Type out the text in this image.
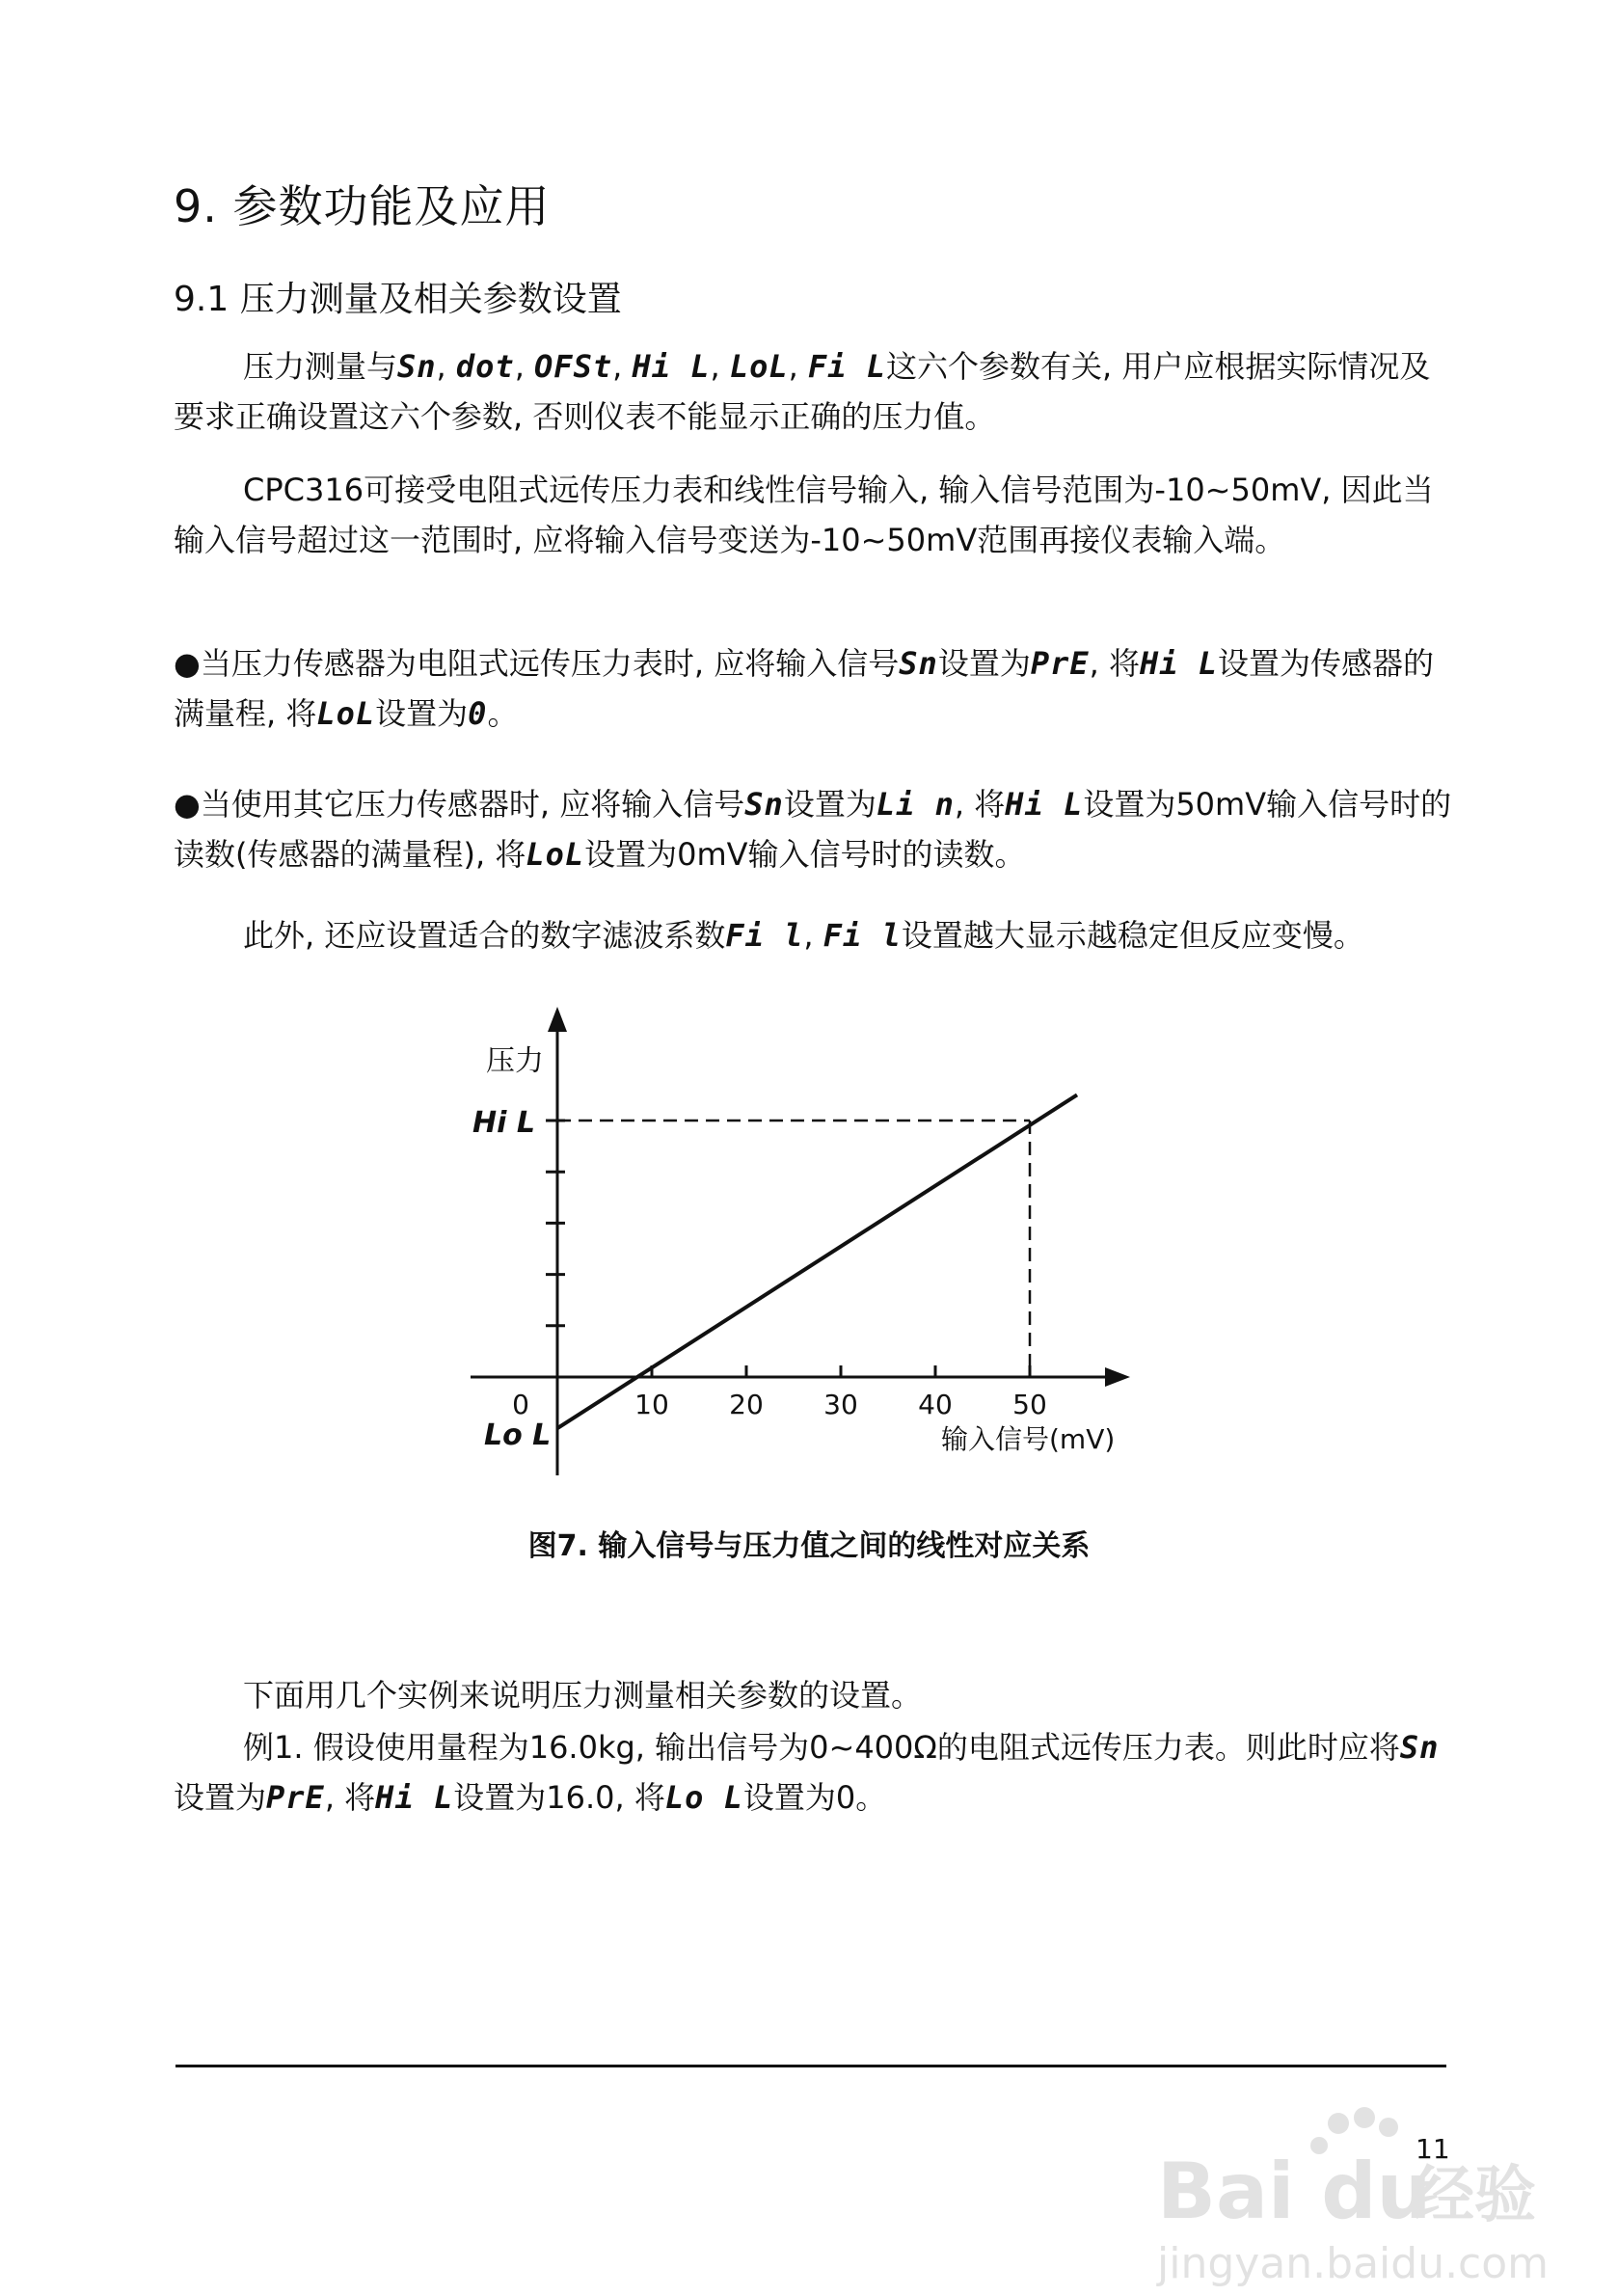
9. 参数功能及应用
9.1 压力测量及相关参数设置
压力测量与Sn, dot, OFSt, Hi L, LoL, Fi L这六个参数有关, 用户应根据实际情况及要求正确设置这六个参数, 否则仪表不能显示正确的压力值。
CPC316可接受电阻式远传压力表和线性信号输入, 输入信号范围为-10~50mV, 因此当输入信号超过这一范围时, 应将输入信号变送为-10~50mV范围再接仪表输入端。
●当压力传感器为电阻式远传压力表时, 应将输入信号Sn设置为PrE, 将Hi L设置为传感器的满量程, 将LoL设置为0。
●当使用其它压力传感器时, 应将输入信号Sn设置为Li n, 将Hi L设置为50mV输入信号时的读数(传感器的满量程), 将LoL设置为0mV输入信号时的读数。
此外, 还应设置适合的数字滤波系数Fi l, Fi l设置越大显示越稳定但反应变慢。
0	10 20 30 40 50
压力
输入信号(mV)
Hi L
Lo L
图7. 输入信号与压力值之间的线性对应关系
下面用几个实例来说明压力测量相关参数的设置。
例1. 假设使用量程为16.0kg, 输出信号为0~400Ω的电阻式远传压力表。则此时应将Sn设置为PrE, 将Hi L设置为16.0, 将Lo L设置为0。
11
Bai du
经验
jingyan.baidu.com
